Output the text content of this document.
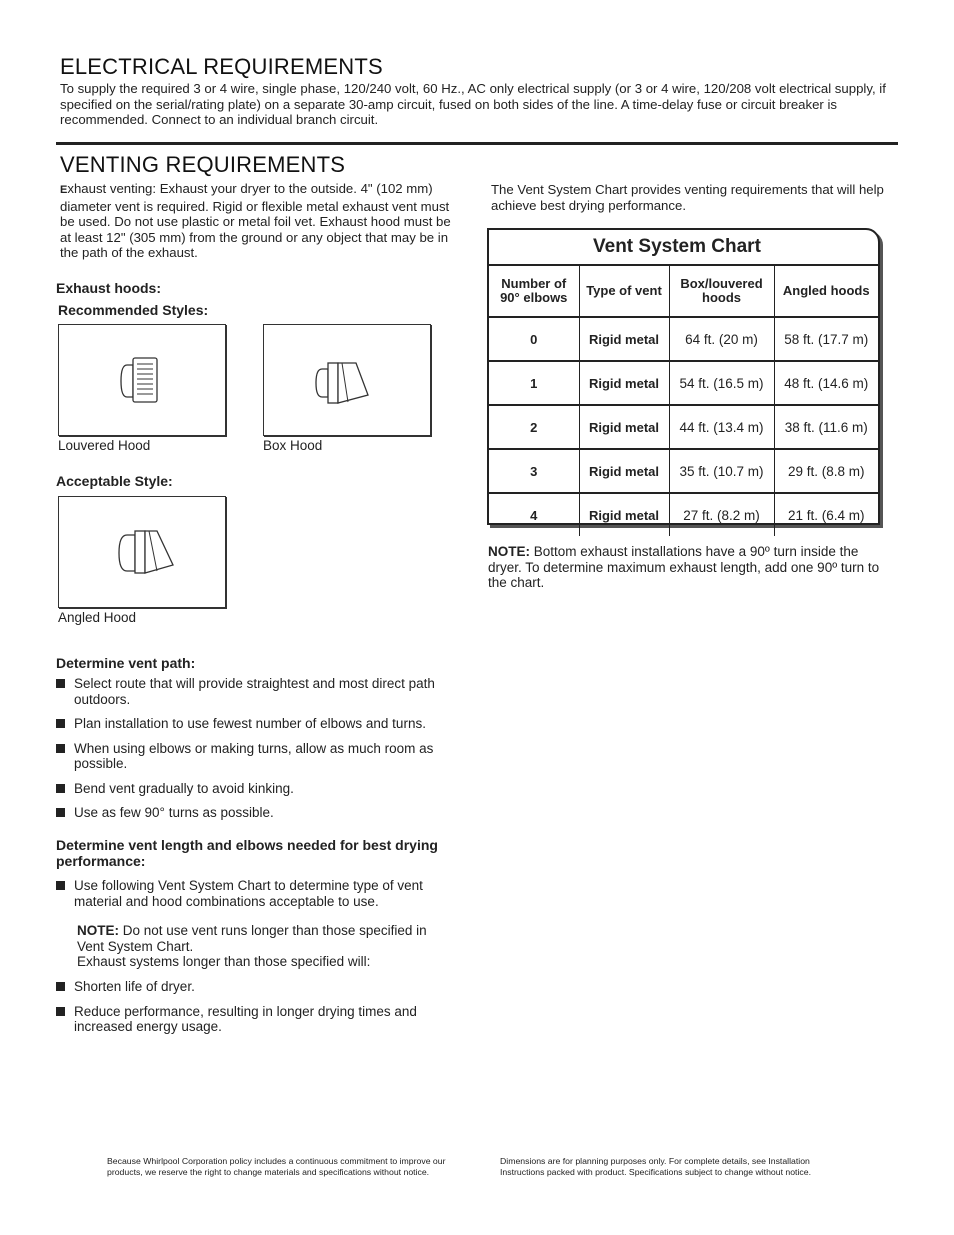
ELECTRICAL REQUIREMENTS
To supply the required 3 or 4 wire, single phase, 120/240 volt, 60 Hz., AC only electrical supply (or 3 or 4 wire, 120/208 volt electrical supply, if specified on the serial/rating plate) on a separate 30-amp circuit, fused on both sides of the line. A time-delay fuse or circuit breaker is recommended. Connect to an individual branch circuit.
VENTING REQUIREMENTS
Exhaust venting: Exhaust your dryer to the outside. 4" (102 mm) diameter vent is required. Rigid or flexible metal exhaust vent must be used. Do not use plastic or metal foil vet. Exhaust hood must be at least 12" (305 mm) from the ground or any object that may be in the path of the exhaust.
Exhaust hoods:
Recommended Styles:
Louvered Hood	Box Hood
Acceptable Style:
Angled Hood
Determine vent path:
Select route that will provide straightest and most direct path outdoors.
Plan installation to use fewest number of elbows and turns.
When using elbows or making turns, allow as much room as possible.
Bend vent gradually to avoid kinking.
Use as few 90° turns as possible.
Determine vent length and elbows needed for best drying performance:
Use following Vent System Chart to determine type of vent material and hood combinations acceptable to use.
NOTE: Do not use vent runs longer than those specified in Vent System Chart.
Exhaust systems longer than those specified will:
Shorten life of dryer.
Reduce performance, resulting in longer drying times and increased energy usage.
The Vent System Chart provides venting requirements that will help achieve best drying performance.
Vent System Chart
Number of 90° elbows	Type of vent	Box/louvered hoods	Angled hoods
0	Rigid metal	64 ft. (20 m)	58 ft. (17.7 m)
1	Rigid metal	54 ft. (16.5 m)	48 ft. (14.6 m)
2	Rigid metal	44 ft. (13.4 m)	38 ft. (11.6 m)
3	Rigid metal	35 ft. (10.7 m)	29 ft. (8.8 m)
4	Rigid metal	27 ft. (8.2 m)	21 ft. (6.4 m)
NOTE: Bottom exhaust installations have a 90º turn inside the dryer. To determine maximum exhaust length, add one 90º turn to the chart.
Because Whirlpool Corporation policy includes a continuous commitment to improve our products, we reserve the right to change materials and specifications without notice.
Dimensions are for planning purposes only. For complete details, see Installation Instructions packed with product. Specifications subject to change without notice.
